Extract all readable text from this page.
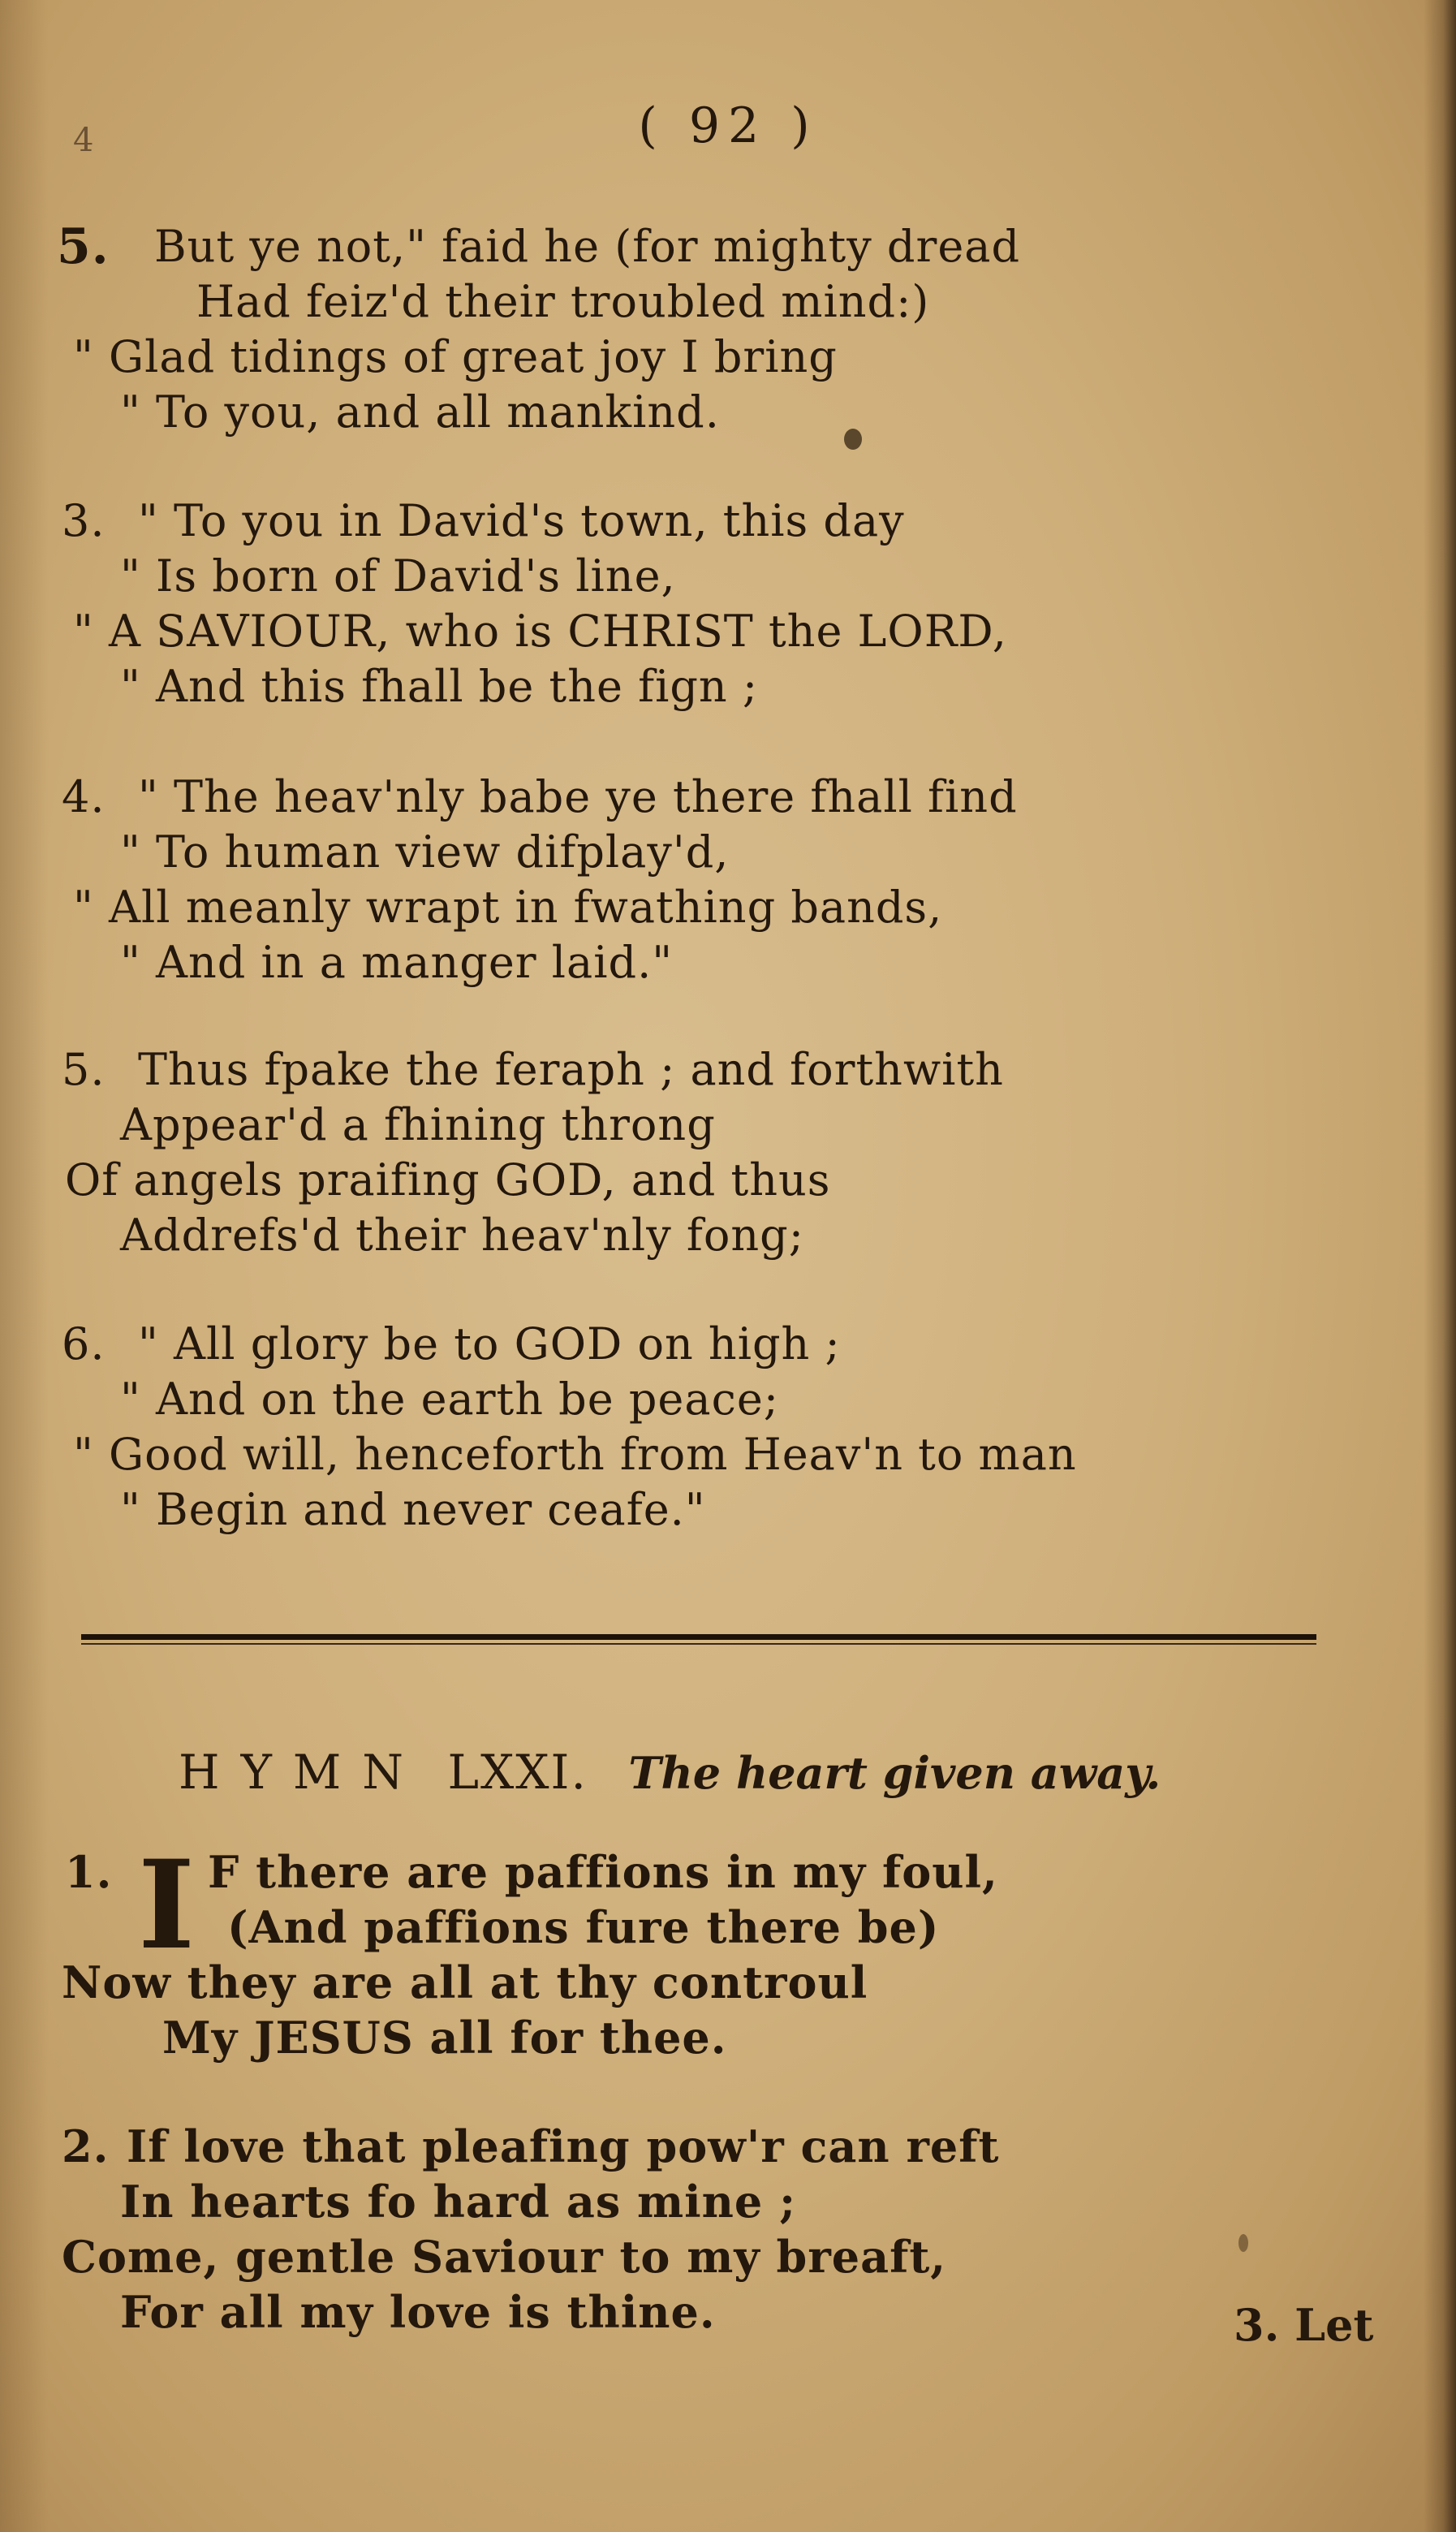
4	( 92 )
5. But ye not," faid he (for mighty dread
Had feiz'd their troubled mind:)
" Glad tidings of great joy I bring
" To you, and all mankind.
3. " To you in David's town, this day
" Is born of David's line,
" A SAVIOUR, who is CHRIST the LORD,
" And this fhall be the fign ;
4. " The heav'nly babe ye there fhall find
" To human view difplay'd,
" All meanly wrapt in fwathing bands,
" And in a manger laid."
5. Thus fpake the feraph ; and forthwith
Appear'd a fhining throng
Of angels praifing GOD, and thus
Addrefs'd their heav'nly fong;
6. " All glory be to GOD on high ;
" And on the earth be peace;
" Good will, henceforth from Heav'n to man
" Begin and never ceafe."
HYMN LXXI. The heart given away.
I
1. F there are paffions in my foul,
(And paffions fure there be)
Now they are all at thy controul
My JESUS all for thee.
2. If love that pleafing pow'r can reft
In hearts fo hard as mine ;
Come, gentle Saviour to my breaft,
For all my love is thine.	3. Let
